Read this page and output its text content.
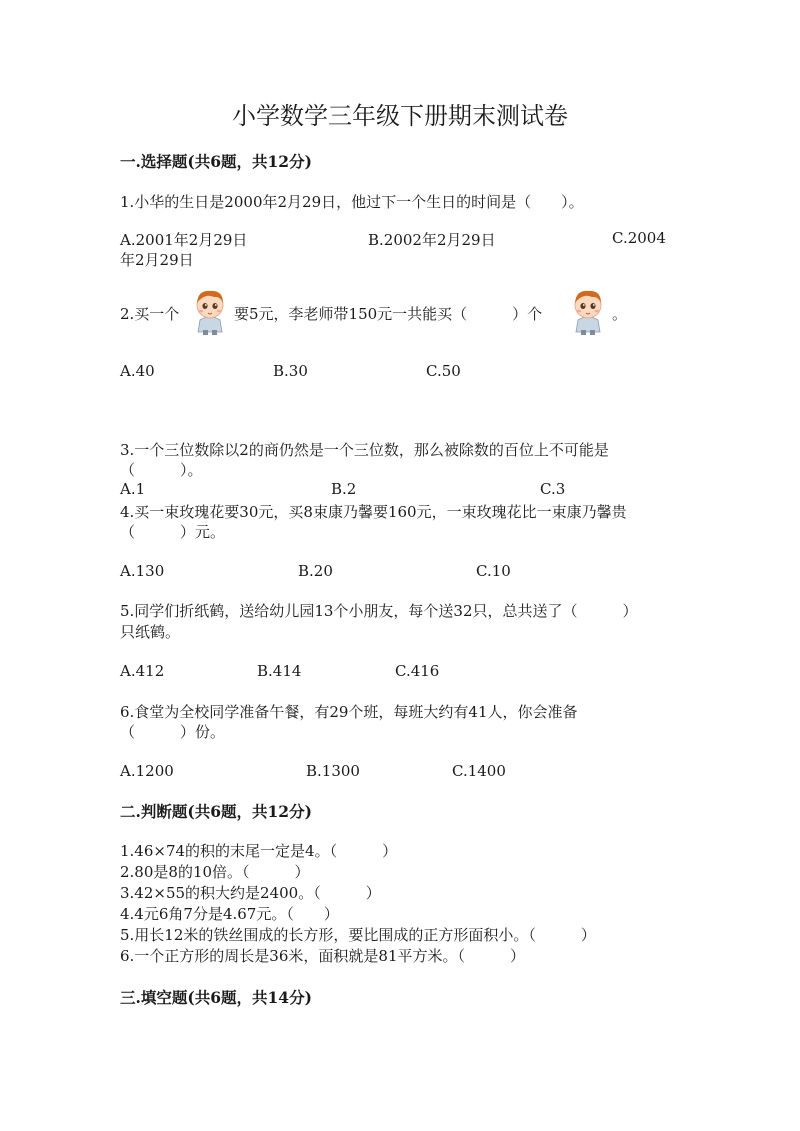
小学数学三年级下册期末测试卷
一.选择题(共6题，共12分)
1.小华的生日是2000年2月29日，他过下一个生日的时间是（　　）。
A.2001年2月29日	B.2002年2月29日	C.2004
年2月29日
2.买一个	要5元，李老师带150元一共能买（　　　）个	。
A.40	B.30	C.50
3.一个三位数除以2的商仍然是一个三位数，那么被除数的百位上不可能是
（　　　）。
A.1	B.2	C.3
4.买一束玫瑰花要30元，买8束康乃馨要160元，一束玫瑰花比一束康乃馨贵
（　　　）元。
A.130	B.20	C.10
5.同学们折纸鹤，送给幼儿园13个小朋友，每个送32只，总共送了（　　　）
只纸鹤。
A.412	B.414	C.416
6.食堂为全校同学准备午餐，有29个班，每班大约有41人，你会准备
（　　　）份。
A.1200	B.1300	C.1400
二.判断题(共6题，共12分)
1.46×74的积的末尾一定是4。（　　　）
2.80是8的10倍。（　　　）
3.42×55的积大约是2400。（　　　）
4.4元6角7分是4.67元。（　　）
5.用长12米的铁丝围成的长方形，要比围成的正方形面积小。（　　　）
6.一个正方形的周长是36米，面积就是81平方米。（　　　）
三.填空题(共6题，共14分)
